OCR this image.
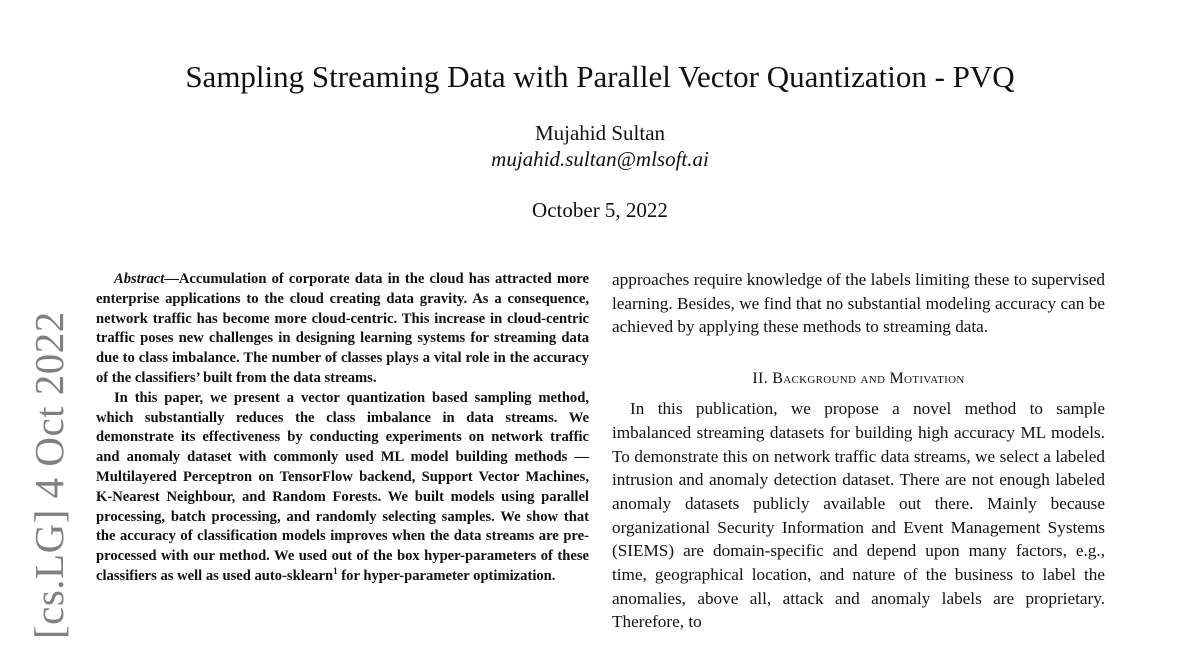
Sampling Streaming Data with Parallel Vector Quantization - PVQ
Mujahid Sultan
mujahid.sultan@mlsoft.ai
October 5, 2022
[cs.LG] 4 Oct 2022

Abstract—Accumulation of corporate data in the cloud has attracted more enterprise applications to the cloud creating data gravity. As a consequence, network traffic has become more cloud-centric. This increase in cloud-centric traffic poses new challenges in designing learning systems for streaming data due to class imbalance. The number of classes plays a vital role in the accuracy of the classifiers’ built from the data streams.

In this paper, we present a vector quantization based sampling method, which substantially reduces the class imbalance in data streams. We demonstrate its effectiveness by conducting experiments on network traffic and anomaly dataset with commonly used ML model building methods — Multilayered Perceptron on TensorFlow backend, Support Vector Machines, K-Nearest Neighbour, and Random Forests. We built models using parallel processing, batch processing, and randomly selecting samples. We show that the accuracy of classification models improves when the data streams are pre-processed with our method. We used out of the box hyper-parameters of these classifiers as well as used auto-sklearn$^1$ for hyper-parameter optimization.

approaches require knowledge of the labels limiting these to supervised learning. Besides, we find that no substantial modeling accuracy can be achieved by applying these methods to streaming data.

II. Background and Motivation

In this publication, we propose a novel method to sample imbalanced streaming datasets for building high accuracy ML models. To demonstrate this on network traffic data streams, we select a labeled intrusion and anomaly detection dataset. There are not enough labeled anomaly datasets publicly available out there. Mainly because organizational Security Information and Event Management Systems (SIEMS) are domain-specific and depend upon many factors, e.g., time, geographical location, and nature of the business to label the anomalies, above all, attack and anomaly labels are proprietary. Therefore, to
